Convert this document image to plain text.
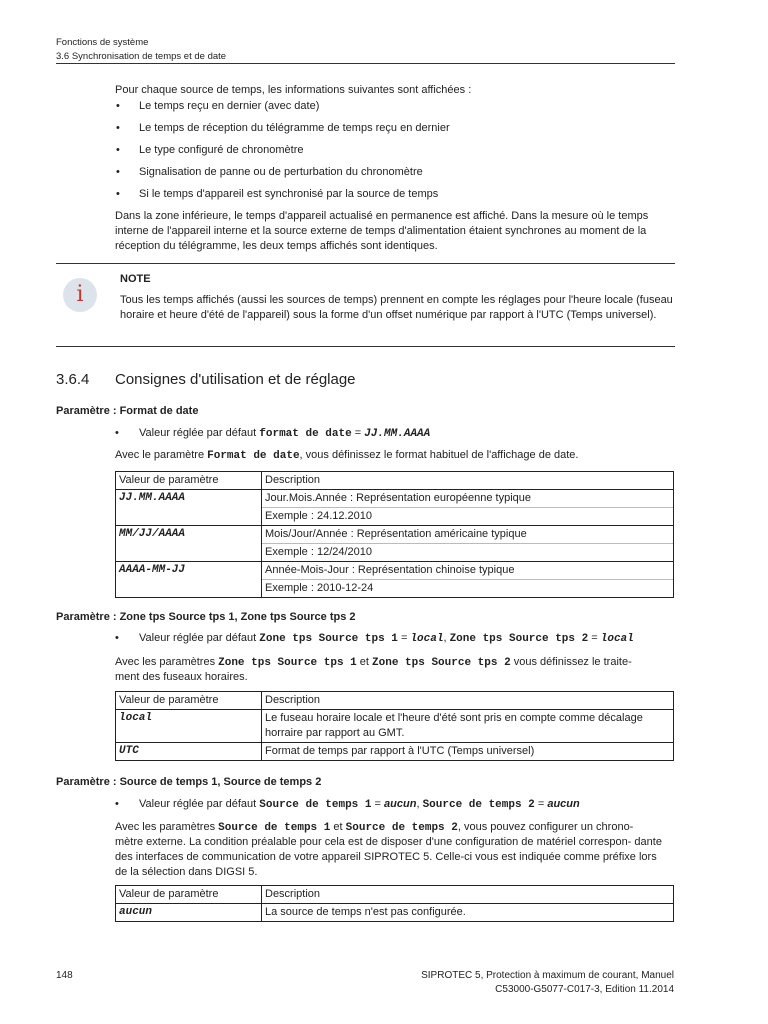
Fonctions de système
3.6 Synchronisation de temps et de date

Pour chaque source de temps, les informations suivantes sont affichées :

• Le temps reçu en dernier (avec date)
• Le temps de réception du télégramme de temps reçu en dernier
• Le type configuré de chronomètre
• Signalisation de panne ou de perturbation du chronomètre
• Si le temps d'appareil est synchronisé par la source de temps

Dans la zone inférieure, le temps d'appareil actualisé en permanence est affiché. Dans la mesure où le temps interne de l'appareil interne et la source externe de temps d'alimentation étaient synchrones au moment de la réception du télégramme, les deux temps affichés sont identiques.

i
NOTE

Tous les temps affichés (aussi les sources de temps) prennent en compte les réglages pour l'heure locale (fuseau horaire et heure d'été de l'appareil) sous la forme d'un offset numérique par rapport à l'UTC (Temps universel).

3.6.4 Consignes d'utilisation et de réglage
Paramètre : Format de date
• Valeur réglée par défaut format de date = JJ.MM.AAAA
Avec le paramètre Format de date, vous définissez le format habituel de l'affichage de date.
Valeur de paramètre	Description
JJ.MM.AAAA	Jour.Mois.Année : Représentation européenne typique
Exemple : 24.12.2010

MM/JJ/AAAA	Mois/Jour/Année : Représentation américaine typique
Exemple : 12/24/2010

AAAA-MM-JJ	Année-Mois-Jour : Représentation chinoise typique
Exemple : 2010-12-24
Paramètre : Zone tps Source tps 1, Zone tps Source tps 2
• Valeur réglée par défaut Zone tps Source tps 1 = local, Zone tps Source tps 2 = local
Avec les paramètres Zone tps Source tps 1 et Zone tps Source tps 2 vous définissez le traite-
ment des fuseaux horaires.
Valeur de paramètre	Description
local	Le fuseau horaire locale et l'heure d'été sont pris en compte comme décalage horraire par rapport au GMT.
UTC	Format de temps par rapport à l'UTC (Temps universel)
Paramètre : Source de temps 1, Source de temps 2
• Valeur réglée par défaut Source de temps 1 = aucun, Source de temps 2 = aucun
Avec les paramètres Source de temps 1 et Source de temps 2, vous pouvez configurer un chrono-

mètre externe. La condition préalable pour cela est de disposer d'une configuration de matériel correspon- dante des interfaces de communication de votre appareil SIPROTEC 5. Celle-ci vous est indiquée comme préfixe lors de la sélection dans DIGSI 5.

Valeur de paramètre	Description
aucun	La source de temps n'est pas configurée.
148	SIPROTEC 5, Protection à maximum de courant, Manuel
C53000-G5077-C017-3, Edition 11.2014
